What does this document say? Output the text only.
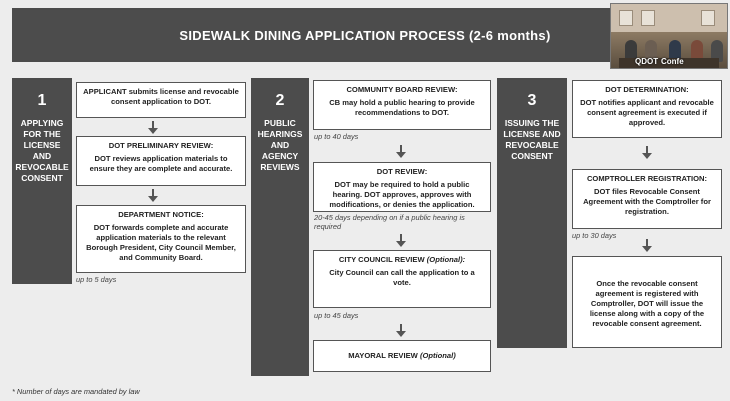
SIDEWALK DINING APPLICATION PROCESS (2-6 months)
QDOT Confe
1
APPLYING FOR THE LICENSE AND REVOCABLE CONSENT
APPLICANT submits license and revocable consent application to DOT.
DOT PRELIMINARY REVIEW:
DOT reviews application materials to ensure they are complete and accurate.
DEPARTMENT NOTICE:
DOT forwards complete and accurate application materials to the relevant Borough President, City Council Member, and Community Board.
up to 5 days
2
PUBLIC HEARINGS AND AGENCY REVIEWS
COMMUNITY BOARD REVIEW:
CB may hold a public hearing to provide recommendations to DOT.
up to 40 days
DOT REVIEW:
DOT may be required to hold a public hearing. DOT approves, approves with modifications, or denies the application.
20-45 days depending on if a public hearing is required
CITY COUNCIL REVIEW (Optional):
City Council can call the application to a vote.
up to 45 days
MAYORAL REVIEW (Optional)
3
ISSUING THE LICENSE AND REVOCABLE CONSENT
DOT DETERMINATION:
DOT notifies applicant and revocable consent agreement is executed if approved.
COMPTROLLER REGISTRATION:
DOT files Revocable Consent Agreement with the Comptroller for registration.
up to 30 days
Once the revocable consent agreement is registered with Comptroller, DOT will issue the license along with a copy of the revocable consent agreement.
* Number of days are mandated by law
